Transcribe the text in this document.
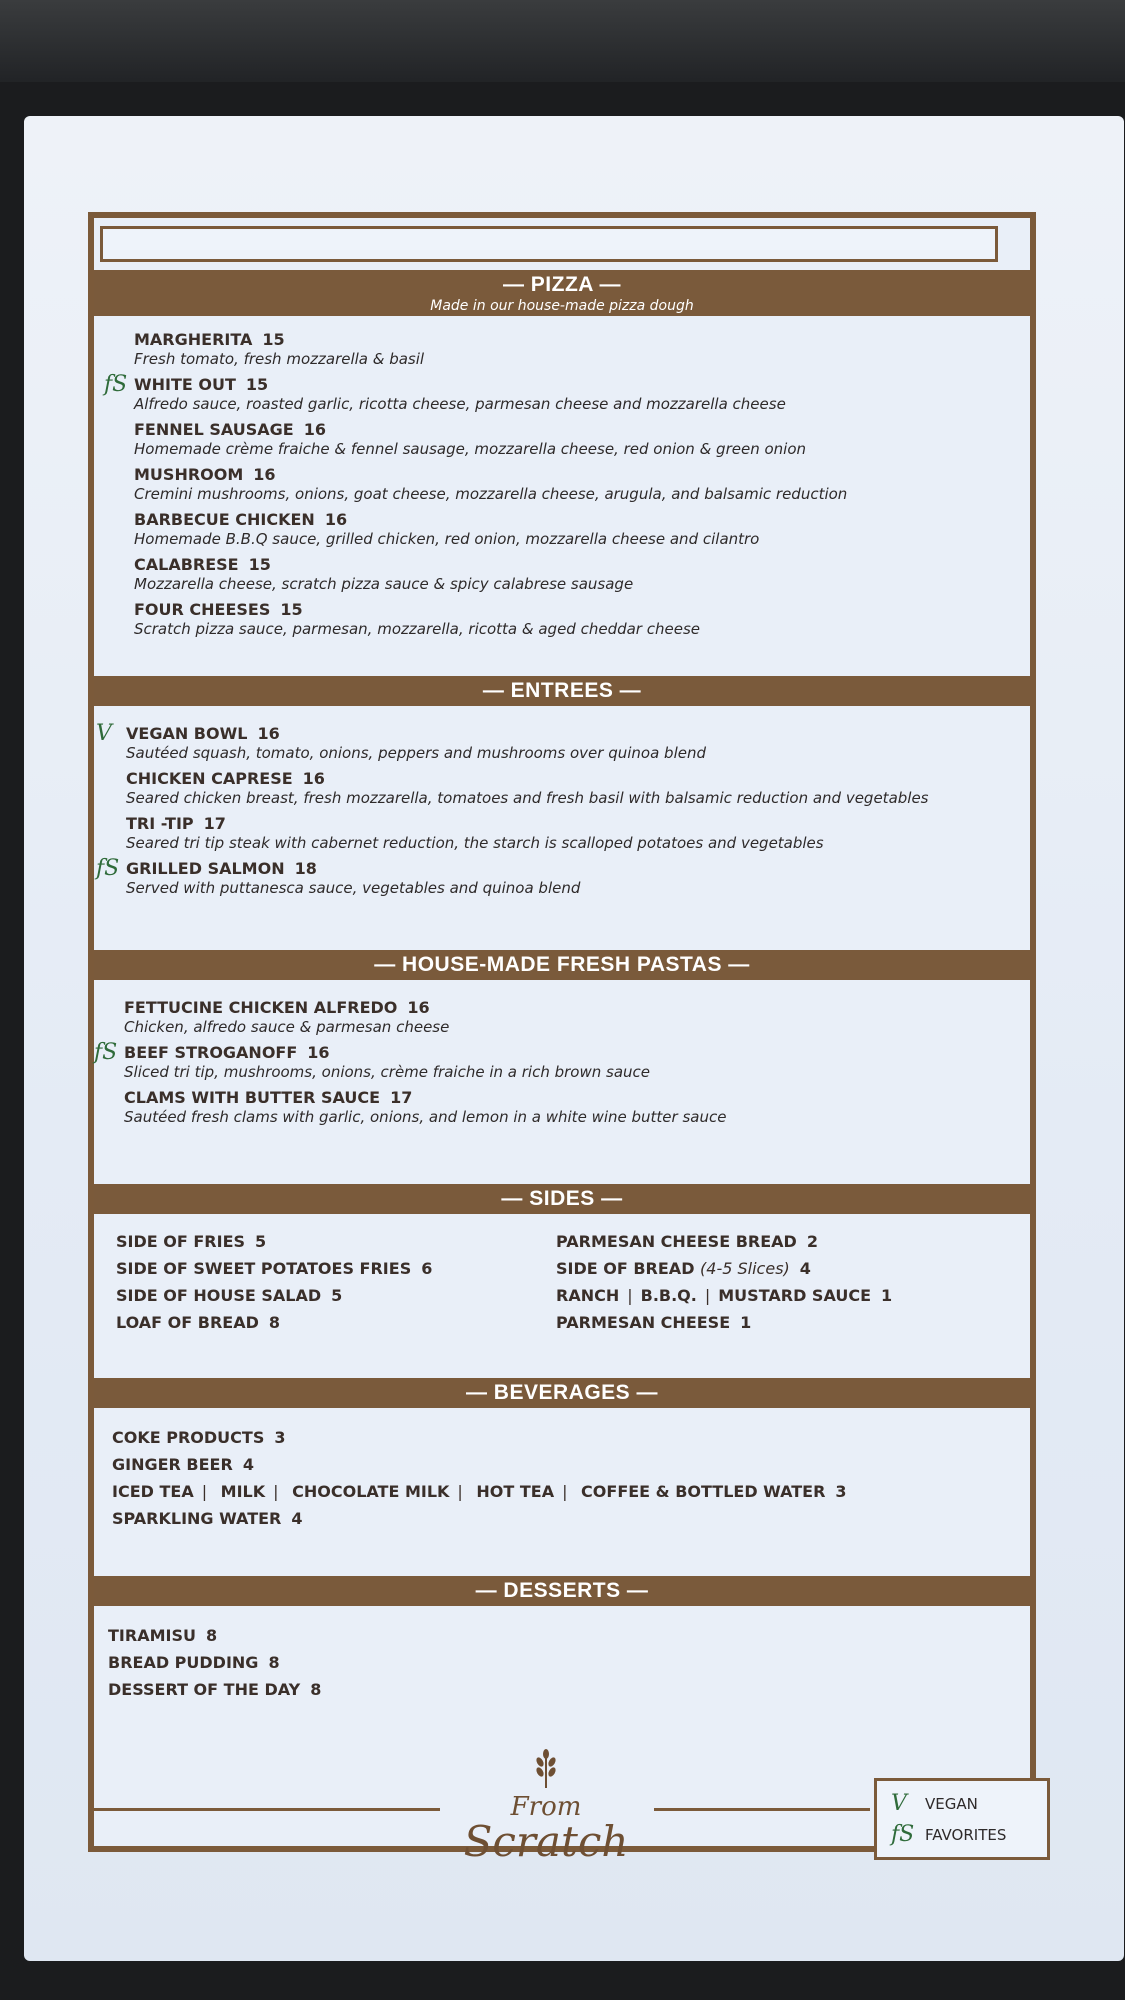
— PIZZA —
Made in our house-made pizza dough
MARGHERITA 15
Fresh tomato, fresh mozzarella & basil
fS WHITE OUT 15
Alfredo sauce, roasted garlic, ricotta cheese, parmesan cheese and mozzarella cheese
FENNEL SAUSAGE 16
Homemade crème fraiche & fennel sausage, mozzarella cheese, red onion & green onion
MUSHROOM 16
Cremini mushrooms, onions, goat cheese, mozzarella cheese, arugula, and balsamic reduction
BARBECUE CHICKEN 16
Homemade B.B.Q sauce, grilled chicken, red onion, mozzarella cheese and cilantro
CALABRESE 15
Mozzarella cheese, scratch pizza sauce & spicy calabrese sausage
FOUR CHEESES 15
Scratch pizza sauce, parmesan, mozzarella, ricotta & aged cheddar cheese
— ENTREES —
V VEGAN BOWL 16
Sautéed squash, tomato, onions, peppers and mushrooms over quinoa blend
CHICKEN CAPRESE 16
Seared chicken breast, fresh mozzarella, tomatoes and fresh basil with balsamic reduction and vegetables
TRI -TIP 17
Seared tri tip steak with cabernet reduction, the starch is scalloped potatoes and vegetables
fS GRILLED SALMON 18
Served with puttanesca sauce, vegetables and quinoa blend
— HOUSE-MADE FRESH PASTAS —
FETTUCINE CHICKEN ALFREDO 16
Chicken, alfredo sauce & parmesan cheese
fS BEEF STROGANOFF 16
Sliced tri tip, mushrooms, onions, crème fraiche in a rich brown sauce
CLAMS WITH BUTTER SAUCE 17
Sautéed fresh clams with garlic, onions, and lemon in a white wine butter sauce
— SIDES —
SIDE OF FRIES 5
SIDE OF SWEET POTATOES FRIES 6
SIDE OF HOUSE SALAD 5
LOAF OF BREAD 8
PARMESAN CHEESE BREAD 2
SIDE OF BREAD (4-5 Slices) 4
RANCH | B.B.Q. | MUSTARD SAUCE 1
PARMESAN CHEESE 1
— BEVERAGES —
COKE PRODUCTS 3
GINGER BEER 4
ICED TEA | MILK | CHOCOLATE MILK | HOT TEA | COFFEE & BOTTLED WATER 3
SPARKLING WATER 4
— DESSERTS —
TIRAMISU 8
BREAD PUDDING 8
DESSERT OF THE DAY 8
From
Scratch
V	VEGAN
fS FAVORITES
